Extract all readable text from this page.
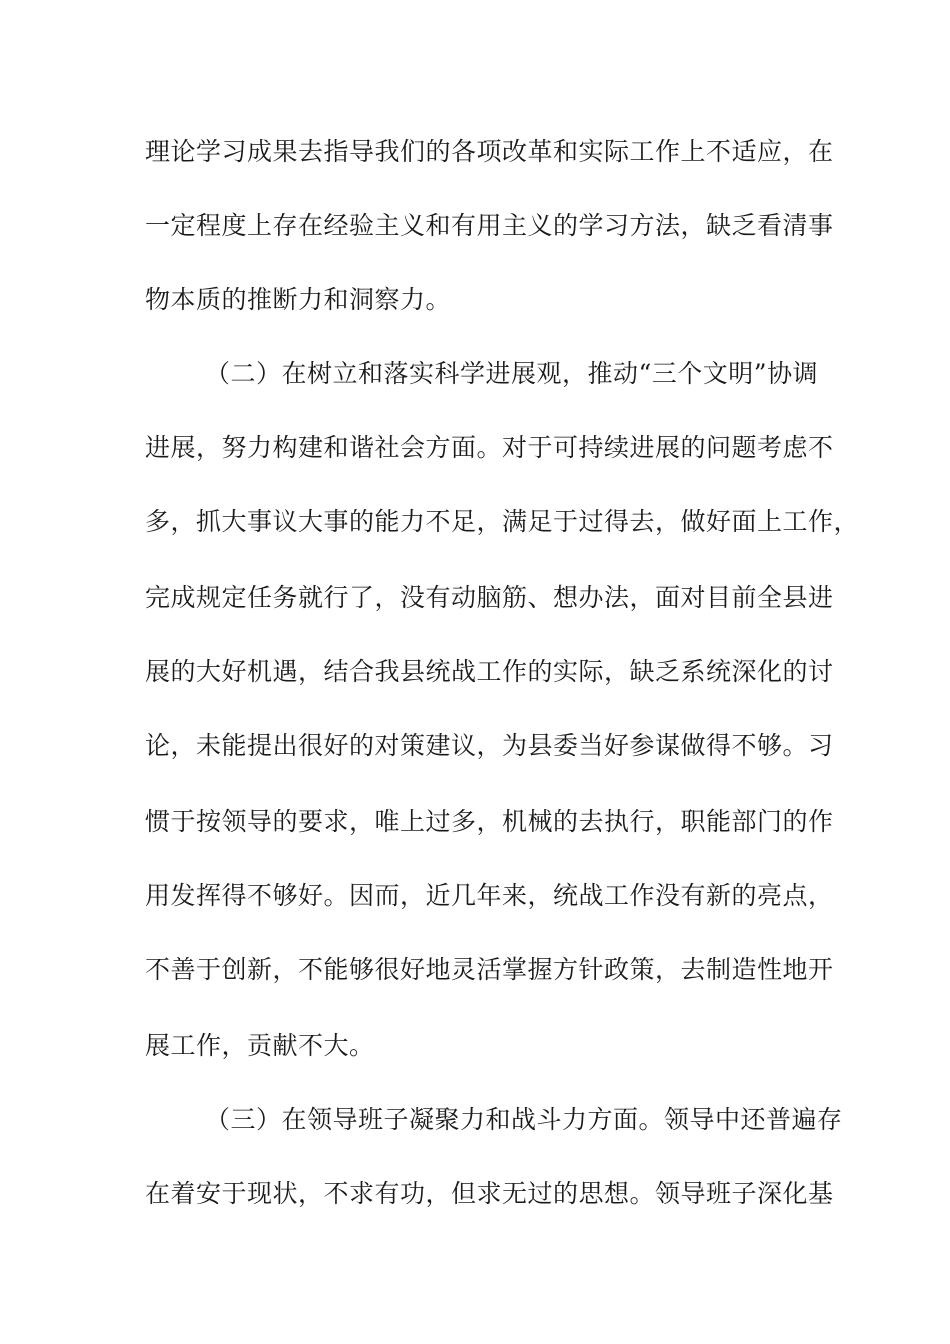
理论学习成果去指导我们的各项改革和实际工作上不适应，在
一定程度上存在经验主义和有用主义的学习方法，缺乏看清事
物本质的推断力和洞察力。
（二）在树立和落实科学进展观，推动“三个文明”协调
进展，努力构建和谐社会方面。对于可持续进展的问题考虑不
多，抓大事议大事的能力不足，满足于过得去，做好面上工作，
完成规定任务就行了，没有动脑筋、想办法，面对目前全县进
展的大好机遇，结合我县统战工作的实际，缺乏系统深化的讨
论，未能提出很好的对策建议，为县委当好参谋做得不够。习
惯于按领导的要求，唯上过多，机械的去执行，职能部门的作
用发挥得不够好。因而，近几年来，统战工作没有新的亮点，
不善于创新，不能够很好地灵活掌握方针政策，去制造性地开
展工作，贡献不大。
（三）在领导班子凝聚力和战斗力方面。领导中还普遍存
在着安于现状，不求有功，但求无过的思想。领导班子深化基
